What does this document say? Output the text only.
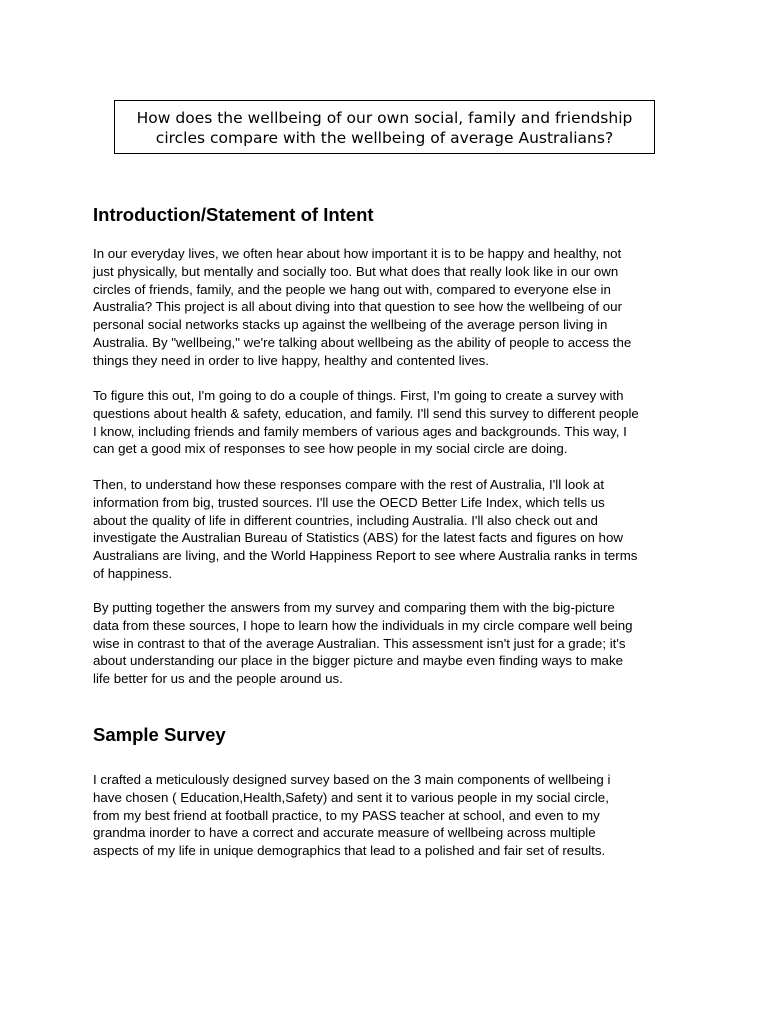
How does the wellbeing of our own social, family and friendship
circles compare with the wellbeing of average Australians?
Introduction/Statement of Intent

In our everyday lives, we often hear about how important it is to be happy and healthy, not
just physically, but mentally and socially too. But what does that really look like in our own
circles of friends, family, and the people we hang out with, compared to everyone else in
Australia? This project is all about diving into that question to see how the wellbeing of our
personal social networks stacks up against the wellbeing of the average person living in
Australia. By "wellbeing," we're talking about wellbeing as the ability of people to access the
things they need in order to live happy, healthy and contented lives.

To figure this out, I'm going to do a couple of things. First, I'm going to create a survey with
questions about health & safety, education, and family. I'll send this survey to different people
I know, including friends and family members of various ages and backgrounds. This way, I
can get a good mix of responses to see how people in my social circle are doing.

Then, to understand how these responses compare with the rest of Australia, I'll look at
information from big, trusted sources. I'll use the OECD Better Life Index, which tells us
about the quality of life in different countries, including Australia. I'll also check out and
investigate the Australian Bureau of Statistics (ABS) for the latest facts and figures on how
Australians are living, and the World Happiness Report to see where Australia ranks in terms
of happiness.

By putting together the answers from my survey and comparing them with the big-picture
data from these sources, I hope to learn how the individuals in my circle compare well being
wise in contrast to that of the average Australian. This assessment isn't just for a grade; it's
about understanding our place in the bigger picture and maybe even finding ways to make
life better for us and the people around us.

Sample Survey

I crafted a meticulously designed survey based on the 3 main components of wellbeing i
have chosen ( Education,Health,Safety) and sent it to various people in my social circle,
from my best friend at football practice, to my PASS teacher at school, and even to my
grandma inorder to have a correct and accurate measure of wellbeing across multiple
aspects of my life in unique demographics that lead to a polished and fair set of results.
